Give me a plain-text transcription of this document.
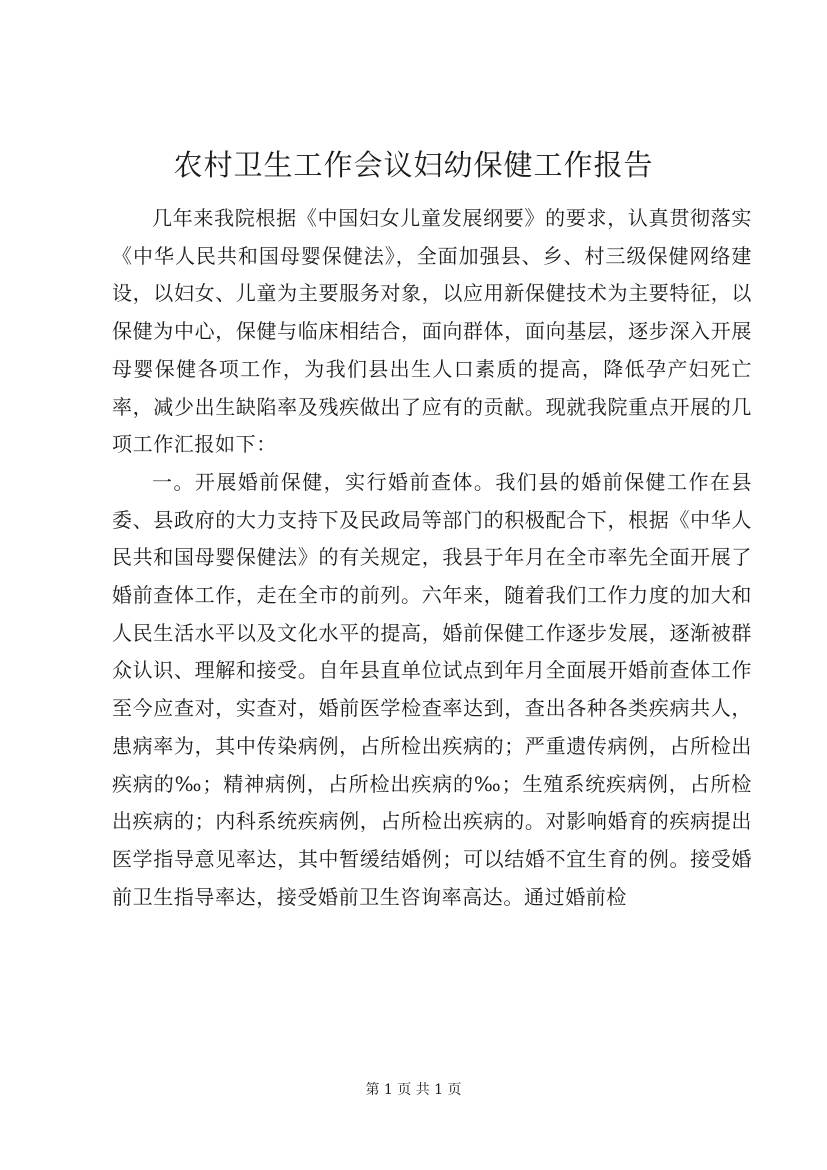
农村卫生工作会议妇幼保健工作报告

几年来我院根据《中国妇女儿童发展纲要》的要求，认真贯彻落实《中华人民共和国母婴保健法》，全面加强县、乡、村三级保健网络建设，以妇女、儿童为主要服务对象，以应用新保健技术为主要特征，以保健为中心，保健与临床相结合，面向群体，面向基层，逐步深入开展母婴保健各项工作，为我们县出生人口素质的提高，降低孕产妇死亡率，减少出生缺陷率及残疾做出了应有的贡献。现就我院重点开展的几项工作汇报如下：

一。开展婚前保健，实行婚前查体。我们县的婚前保健工作在县委、县政府的大力支持下及民政局等部门的积极配合下，根据《中华人民共和国母婴保健法》的有关规定，我县于年月在全市率先全面开展了婚前查体工作，走在全市的前列。六年来，随着我们工作力度的加大和人民生活水平以及文化水平的提高，婚前保健工作逐步发展，逐渐被群众认识、理解和接受。自年县直单位试点到年月全面展开婚前查体工作至今应查对，实查对，婚前医学检查率达到，查出各种各类疾病共人，患病率为，其中传染病例，占所检出疾病的；严重遗传病例，占所检出疾病的‰；精神病例，占所检出疾病的‰；生殖系统疾病例，占所检出疾病的；内科系统疾病例，占所检出疾病的。对影响婚育的疾病提出医学指导意见率达，其中暂缓结婚例；可以结婚不宜生育的例。接受婚前卫生指导率达，接受婚前卫生咨询率高达。通过婚前检

第 1 页 共 1 页
